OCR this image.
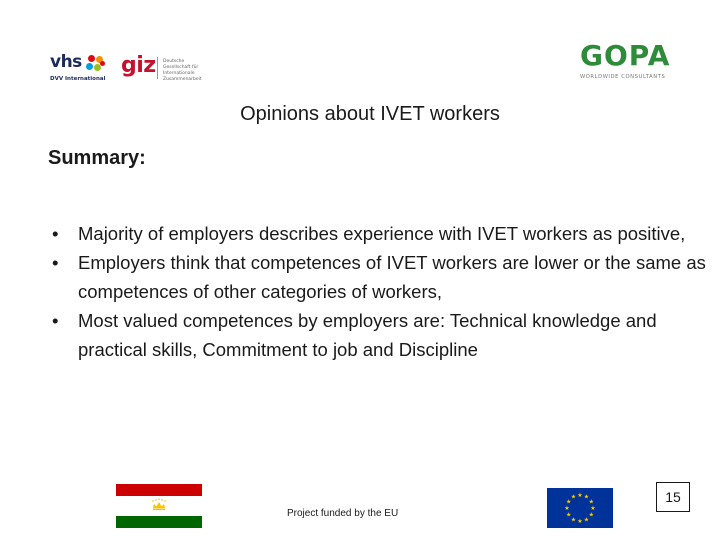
vhs
DVV International
giz Deutsche Gesellschaft für Internationale Zusammenarbeit
GOPA
WORLDWIDE CONSULTANTS
Opinions about IVET workers
Summary:
• Majority of employers describes experience with IVET workers as positive,
• Employers think that competences of IVET workers are lower or the same as competences of other categories of workers,
• Most valued competences by employers are: Technical knowledge and practical skills, Commitment to job and Discipline
Project funded by the EU
★ ★
★
★
★
★
★
★
★
★
★
★	15
